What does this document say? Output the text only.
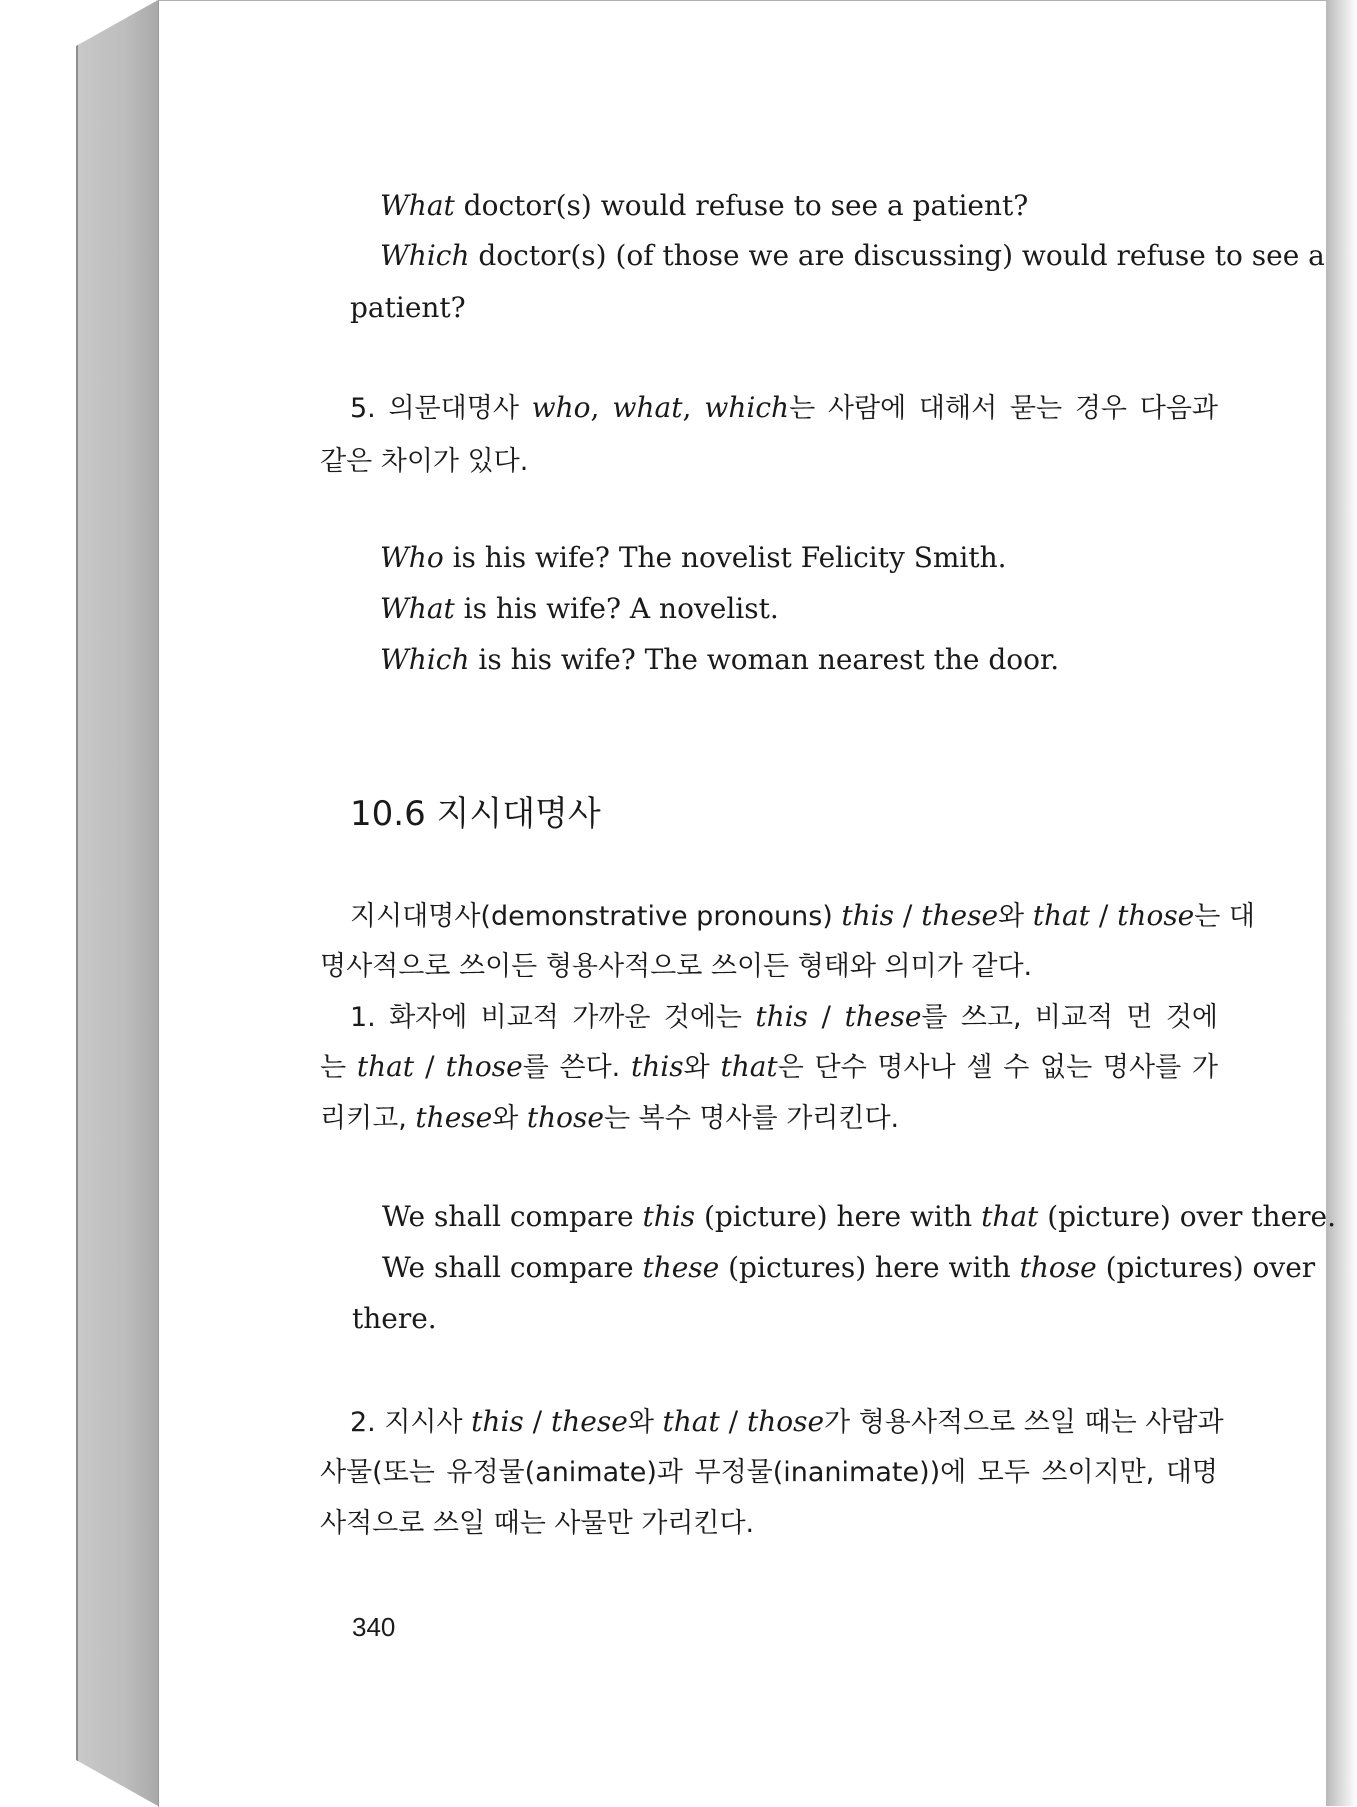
What doctor(s) would refuse to see a patient?
Which doctor(s) (of those we are discussing) would refuse to see a
patient?
5. 의문대명사 who, what, which는 사람에 대해서 묻는 경우 다음과
같은 차이가 있다.
Who is his wife? The novelist Felicity Smith.
What is his wife? A novelist.
Which is his wife? The woman nearest the door.
10.6 지시대명사
지시대명사(demonstrative pronouns) this / these와 that / those는 대
명사적으로 쓰이든 형용사적으로 쓰이든 형태와 의미가 같다.
1. 화자에 비교적 가까운 것에는 this / these를 쓰고, 비교적 먼 것에
는 that / those를 쓴다. this와 that은 단수 명사나 셀 수 없는 명사를 가
리키고, these와 those는 복수 명사를 가리킨다.
We shall compare this (picture) here with that (picture) over there.
We shall compare these (pictures) here with those (pictures) over
there.
2. 지시사 this / these와 that / those가 형용사적으로 쓰일 때는 사람과
사물(또는 유정물(animate)과 무정물(inanimate))에 모두 쓰이지만, 대명
사적으로 쓰일 때는 사물만 가리킨다.
340
